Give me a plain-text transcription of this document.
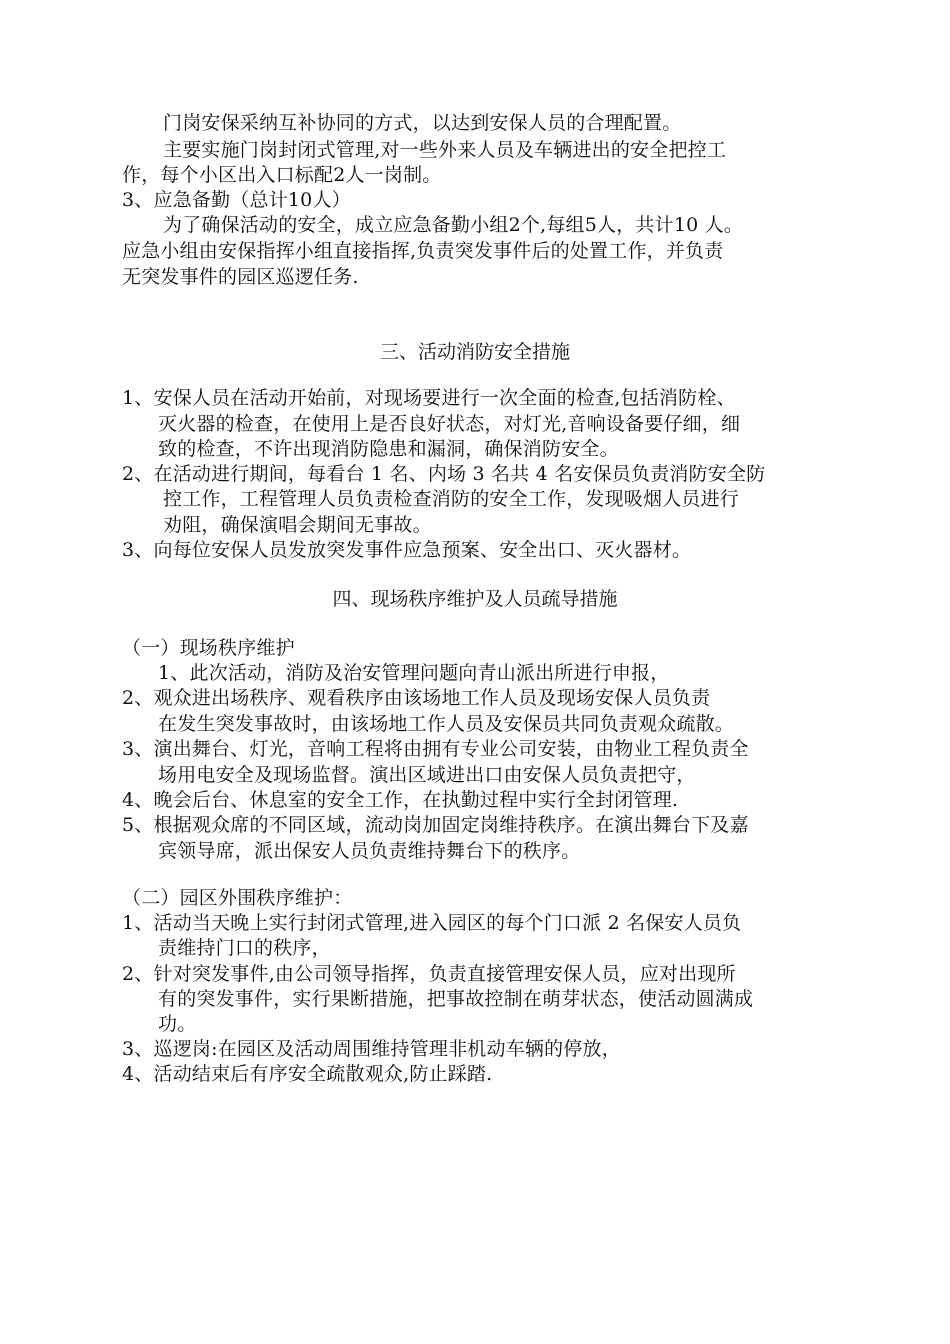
门岗安保采纳互补协同的方式，以达到安保人员的合理配置。
主要实施门岗封闭式管理,对一些外来人员及车辆进出的安全把控工
作，每个小区出入口标配2人一岗制。
3、应急备勤（总计10人）
为了确保活动的安全，成立应急备勤小组2个,每组5人，共计10 人。
应急小组由安保指挥小组直接指挥,负责突发事件后的处置工作，并负责
无突发事件的园区巡逻任务.
三、活动消防安全措施
1、安保人员在活动开始前，对现场要进行一次全面的检查,包括消防栓、
灭火器的检查，在使用上是否良好状态，对灯光,音响设备要仔细，细
致的检查，不许出现消防隐患和漏洞，确保消防安全。
2、在活动进行期间，每看台 1 名、内场 3 名共 4 名安保员负责消防安全防
控工作，工程管理人员负责检查消防的安全工作，发现吸烟人员进行
劝阻，确保演唱会期间无事故。
3、向每位安保人员发放突发事件应急预案、安全出口、灭火器材。
四、现场秩序维护及人员疏导措施
（一）现场秩序维护
1、此次活动，消防及治安管理问题向青山派出所进行申报，
2、观众进出场秩序、观看秩序由该场地工作人员及现场安保人员负责
在发生突发事故时，由该场地工作人员及安保员共同负责观众疏散。
3、演出舞台、灯光，音响工程将由拥有专业公司安装，由物业工程负责全
场用电安全及现场监督。演出区域进出口由安保人员负责把守，
4、晚会后台、休息室的安全工作，在执勤过程中实行全封闭管理.
5、根据观众席的不同区域，流动岗加固定岗维持秩序。在演出舞台下及嘉
宾领导席，派出保安人员负责维持舞台下的秩序。
（二）园区外围秩序维护：
1、活动当天晚上实行封闭式管理,进入园区的每个门口派 2 名保安人员负
责维持门口的秩序，
2、针对突发事件,由公司领导指挥，负责直接管理安保人员，应对出现所
有的突发事件，实行果断措施，把事故控制在萌芽状态，使活动圆满成
功。
3、巡逻岗:在园区及活动周围维持管理非机动车辆的停放，
4、活动结束后有序安全疏散观众,防止踩踏.
